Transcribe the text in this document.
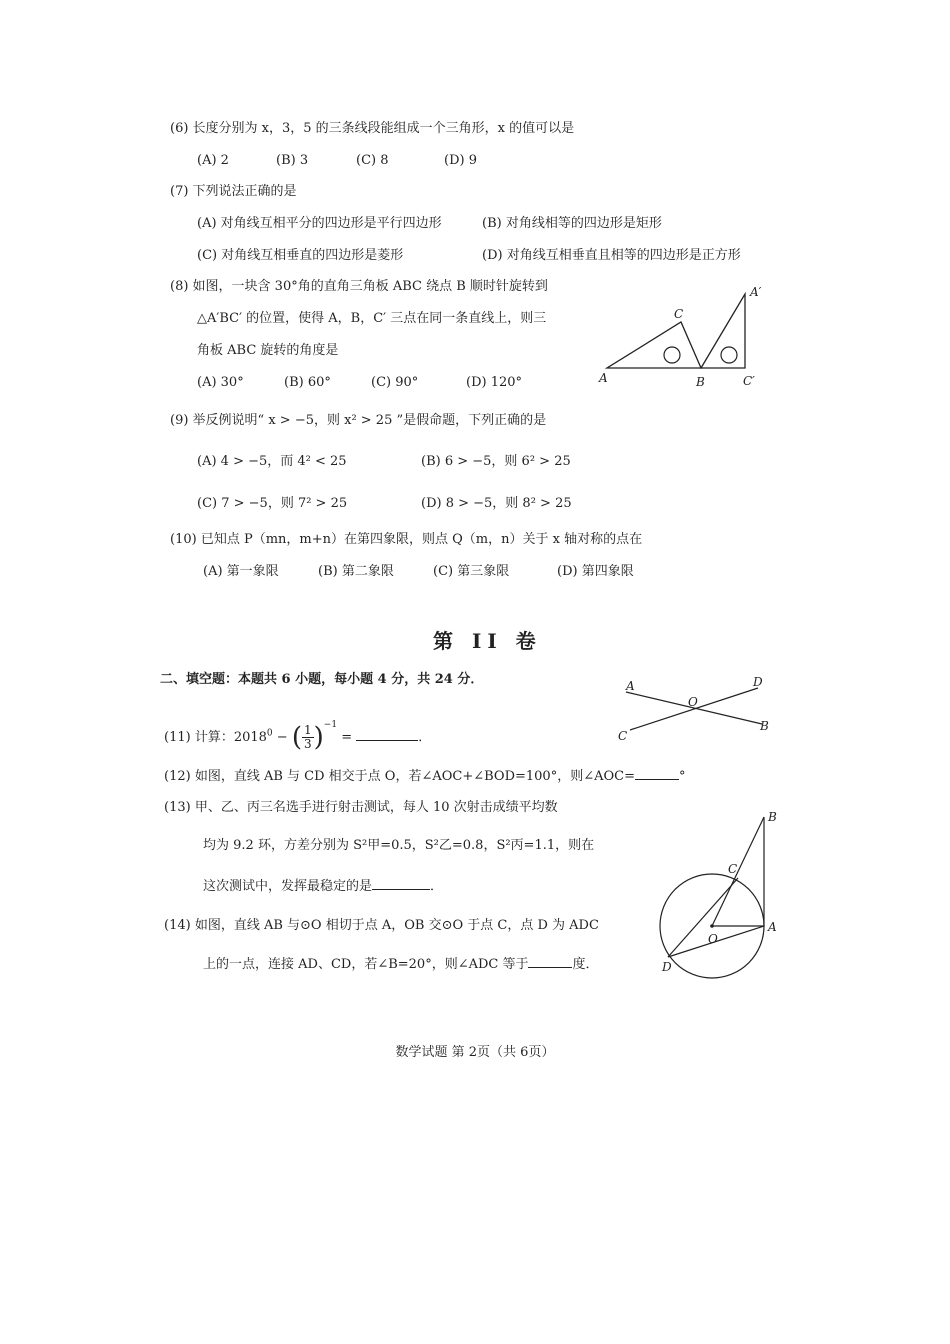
(6) 长度分别为 x，3，5 的三条线段能组成一个三角形，x 的值可以是
(A) 2	(B) 3	(C) 8	(D) 9
(7) 下列说法正确的是
(A) 对角线互相平分的四边形是平行四边形	(B) 对角线相等的四边形是矩形
(C) 对角线互相垂直的四边形是菱形	(D) 对角线互相垂直且相等的四边形是正方形
(8) 如图，一块含 30°角的直角三角板 ABC 绕点 B 顺时针旋转到
△A′BC′ 的位置，使得 A，B，C′ 三点在同一条直线上，则三
角板 ABC 旋转的角度是
(A) 30°	(B) 60°	(C) 90°	(D) 120°	A	B
C
A′
C′
(9) 举反例说明“ x > −5，则 x² > 25 ”是假命题，下列正确的是
(A) 4 > −5，而 4² < 25	(B) 6 > −5，则 6² > 25
(C) 7 > −5，则 7² > 25	(D) 8 > −5，则 8² > 25
(10) 已知点 P（mn，m+n）在第四象限，则点 Q（m，n）关于 x 轴对称的点在
(A) 第一象限	(B) 第二象限	(C) 第三象限	(D) 第四象限
第 II 卷
二、填空题：本题共 6 小题，每小题 4 分，共 24 分．	A
B
C
D
O
(11) 计算：$2018^0$ − ( $\frac{1}{3} )^{-1}$ =	．
(12) 如图，直线 AB 与 CD 相交于点 O，若∠AOC+∠BOD=100°，则∠AOC=	°
(13) 甲、乙、丙三名选手进行射击测试，每人 10 次射击成绩平均数
均为 9.2 环，方差分别为 S²甲=0.5，S²乙=0.8，S²丙=1.1，则在
这次测试中，发挥最稳定的是	．
B
C
A
O
D
(14) 如图，直线 AB 与⊙O 相切于点 A，OB 交⊙O 于点 C，点 D 为 ADC
上的一点，连接 AD、CD，若∠B=20°，则∠ADC 等于	度．
数学试题 第 2页（共 6页）
